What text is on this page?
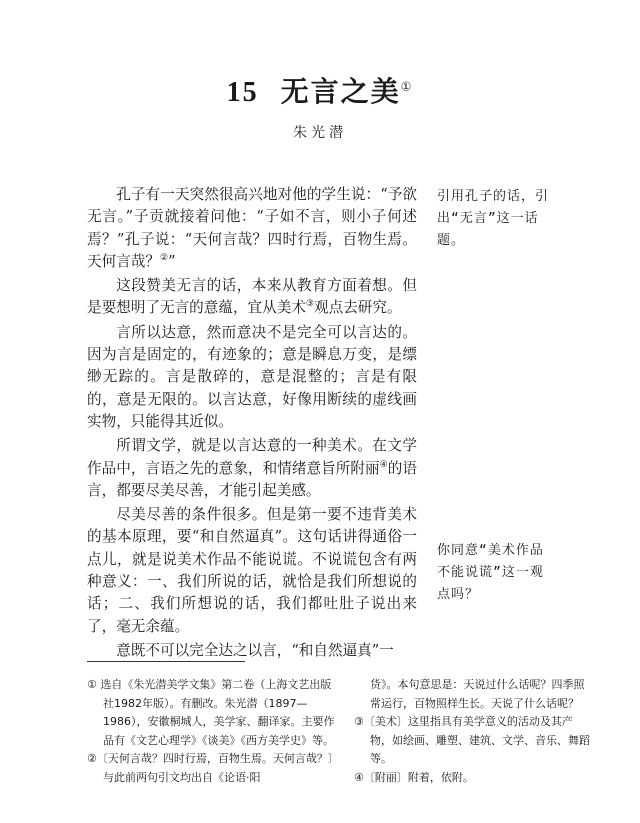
15 无言之美①
朱光潜

孔子有一天突然很高兴地对他的学生说：“予欲无言。”子贡就接着问他：“子如不言，则小子何述焉？”孔子说：“天何言哉？四时行焉，百物生焉。天何言哉？②”

这段赞美无言的话，本来从教育方面着想。但是要想明了无言的意蕴，宜从美术③观点去研究。

言所以达意，然而意决不是完全可以言达的。因为言是固定的，有迹象的；意是瞬息万变，是缥缈无踪的。言是散碎的，意是混整的；言是有限的，意是无限的。以言达意，好像用断续的虚线画实物，只能得其近似。

所谓文学，就是以言达意的一种美术。在文学作品中，言语之先的意象，和情绪意旨所附丽④的语言，都要尽美尽善，才能引起美感。

尽美尽善的条件很多。但是第一要不违背美术的基本原理，要“和自然逼真”。这句话讲得通俗一点儿，就是说美术作品不能说谎。不说谎包含有两种意义：一、我们所说的话，就恰是我们所想说的话；二、我们所想说的话，我们都吐肚子说出来了，毫无余蕴。

意既不可以完全达之以言，“和自然逼真”一

引用孔子的话，引出“无言”这一话题。
你同意“美术作品不能说谎”这一观点吗？

① 选自《朱光潜美学文集》第二卷（上海文艺出版社1982年版）。有删改。朱光潜（1897—1986），安徽桐城人，美学家、翻译家。主要作品有《文艺心理学》《谈美》《西方美学史》等。

②〔天何言哉？四时行焉，百物生焉。天何言哉？〕与此前两句引文均出自《论语·阳

货》。本句意思是：天说过什么话呢？四季照常运行，百物照样生长。天说了什么话呢？

③〔美术〕这里指具有美学意义的活动及其产物，如绘画、雕塑、建筑、文学、音乐、舞蹈等。

④〔附丽〕附着，依附。
